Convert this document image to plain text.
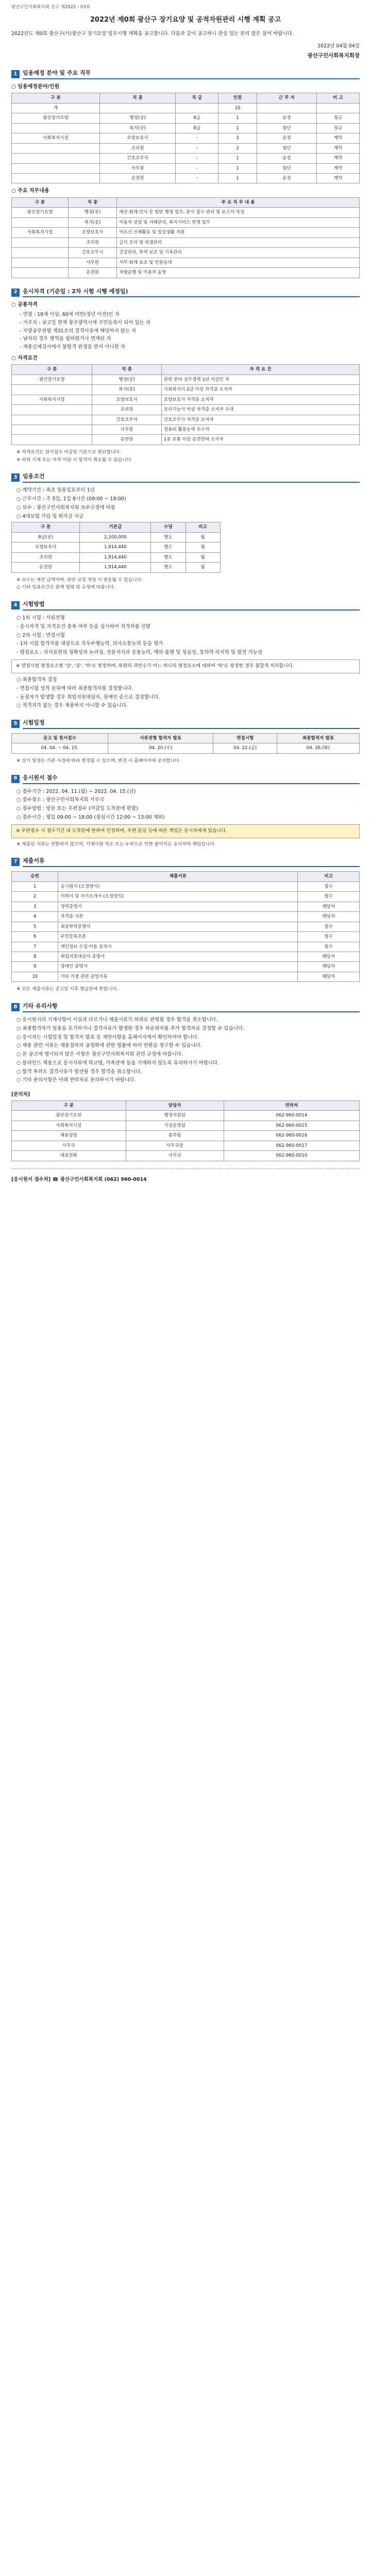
광산구민사회복지회 공고 제2022 - 03호
2022년 제0회 광산구 장기요양 및 공적자원관리 시행 계획 공고

2022년도 제0회 광산구(사)광산구 장기요양 업무시행 계획을 공고합니다. 다음과 같이 공고하니 관심 있는 분의 많은 참여 바랍니다.

2022년 04월 04일
광산구민사회복지회장
1 임용예정 분야 및 주요 직무
○ 임용예정분야/인원
구 분	직 종	직 급	인원	근 무 지	비 고
계			10		
광산장기요양	행정(공)	8급	1	송정	정규
	복지(공)	8급	1	첨단	정규
사회복지시설	요양보호사	-	3	송정	계약
	조리원	-	2	첨단	계약
	간호조무사	-	1	송정	계약
	사무원	-	1	첨단	계약
	운전원	-	1	송정	계약
○ 주요 직무내용
구 분	직 종	주 요 직 무 내 용
광산장기요양	행정(공)	예산·회계·인사 등 일반 행정 업무, 문서 접수·관리 및 보고서 작성
	복지(공)	이용자 상담 및 사례관리, 복지서비스 연계 업무
사회복지시설	요양보호사	어르신 신체활동 및 일상생활 지원
	조리원	급식 조리 및 위생관리
	간호조무사	건강관리, 투약 보조 및 기록관리
	사무원	서무·회계 보조 및 민원응대
	운전원	차량운행 및 이용자 송영
2 응시자격 (기준일 : 2차 시험 시행 예정일)
○ 공통자격
- 연령 : 18세 이상, 60세 미만(정년 이전)인 자
- 거주지 : 공고일 현재 광주광역시에 주민등록이 되어 있는 자
- 지방공무원법 제31조의 결격사유에 해당하지 않는 자
- 남자의 경우 병역을 필하였거나 면제된 자
- 채용신체검사에서 불합격 판정을 받지 아니한 자
○ 자격요건
구 분	직 종	자 격 요 건
광산장기요양	행정(공)	관련 분야 실무경력 1년 이상인 자
	복지(공)	사회복지사 2급 이상 자격증 소지자
사회복지시설	요양보호사	요양보호사 자격증 소지자
	조리원	조리기능사 이상 자격증 소지자 우대
	간호조무사	간호조무사 자격증 소지자
	사무원	컴퓨터 활용능력 우수자
	운전원	1종 보통 이상 운전면허 소지자
※ 자격요건은 원서접수 마감일 기준으로 판단합니다.
※ 허위 기재 또는 자격 미달 시 합격이 취소될 수 있습니다.
3 임용조건
○ 계약기간 : 최초 임용일로부터 1년
○ 근무시간 : 주 5일, 1일 8시간 (09:00 ~ 18:00)
○ 보수 : 광산구민사회복지회 보수규정에 따름
○ 4대보험 가입 및 퇴직금 지급
구 분	기본급	수당	비고
8급(공)	2,100,000	별도	월
요양보호사	1,914,440	별도	월
조리원	1,914,440	별도	월
운전원	1,914,440	별도	월
※ 보수는 세전 금액이며, 관련 규정 개정 시 변동될 수 있습니다.
○ 기타 임용조건은 관계 법령 및 규정에 따릅니다.
4 시험방법
○ 1차 시험 : 서류전형
- 응시자격 및 자격요건 충족 여부 등을 심사하여 적격자를 선발
○ 2차 시험 : 면접시험
- 1차 시험 합격자를 대상으로 직무수행능력, 의사소통능력 등을 평가
- 평정요소 : 의사표현의 정확성과 논리성, 전문지식과 응용능력, 예의·품행 및 성실성, 창의력·의지력 및 발전 가능성
※ 면접시험 평정요소별 '상', '중', '하'로 평정하며, 위원의 과반수가 어느 하나의 평정요소에 대하여 '하'로 평정한 경우 불합격 처리합니다.
○ 최종합격자 결정
- 면접시험 성적 순위에 따라 최종합격자를 결정합니다.
- 동점자가 발생할 경우 취업지원대상자, 장애인 순으로 결정합니다.
○ 적격자가 없는 경우 채용하지 아니할 수 있습니다.
5 시험일정
공고 및 원서접수	서류전형 합격자 발표	면접시험	최종합격자 발표
04. 04. ~ 04. 15.	04. 20.(수)	04. 22.(금)	04. 26.(화)
※ 상기 일정은 기관 사정에 따라 변경될 수 있으며, 변경 시 홈페이지에 공지합니다.
6 응시원서 접수
○ 접수기간 : 2022. 04. 11.(월) ~ 2022. 04. 15.(금)
○ 접수장소 : 광산구민사회복지회 사무국
○ 접수방법 : 방문 또는 우편접수 (마감일 도착분에 한함)
○ 접수시간 : 평일 09:00 ~ 18:00 (점심시간 12:00 ~ 13:00 제외)
※ 우편접수 시 접수기간 내 도착분에 한하여 인정하며, 우편 분실 등에 따른 책임은 응시자에게 있습니다.
※ 제출된 서류는 반환하지 않으며, 기재사항 착오 또는 누락으로 인한 불이익은 응시자의 책임입니다.
7 제출서류
순번	제출서류	비고
1	응시원서 (소정양식)	필수
2	이력서 및 자기소개서 (소정양식)	필수
3	경력증명서	해당자
4	자격증 사본	해당자
5	최종학력증명서	필수
6	주민등록초본	필수
7	개인정보 수집·이용 동의서	필수
8	취업지원대상자 증명서	해당자
9	장애인 증명서	해당자
10	기타 가점 관련 증빙서류	해당자
※ 모든 제출서류는 공고일 이후 발급분에 한합니다.
8 기타 유의사항
○ 응시원서의 기재사항이 사실과 다르거나 제출서류가 허위로 판명될 경우 합격을 취소합니다.
○ 최종합격자가 임용을 포기하거나 결격사유가 발생한 경우 차순위자를 추가 합격자로 결정할 수 있습니다.
○ 응시자는 시험일정 및 합격자 발표 등 제반사항을 홈페이지에서 확인하여야 합니다.
○ 채용 관련 서류는 채용절차의 공정화에 관한 법률에 따라 반환을 청구할 수 있습니다.
○ 본 공고에 명시되지 않은 사항은 광산구민사회복지회 관련 규정에 따릅니다.
○ 블라인드 채용으로 응시서류에 학교명, 가족관계 등을 기재하지 않도록 유의하시기 바랍니다.
○ 합격 후라도 결격사유가 발견될 경우 합격을 취소합니다.
○ 기타 문의사항은 아래 연락처로 문의하시기 바랍니다.
[문의처]
구 분	담당자	연락처
광산장기요양	행정지원팀	062-960-0014
사회복지시설	시설운영팀	062-960-0015
채용담당	총무팀	062-960-0016
사무국	사무국장	062-960-0017
대표전화	사무국	062-960-0010
[응시원서 접수처] ☎ 광산구민사회복지회 (062) 960-0014
